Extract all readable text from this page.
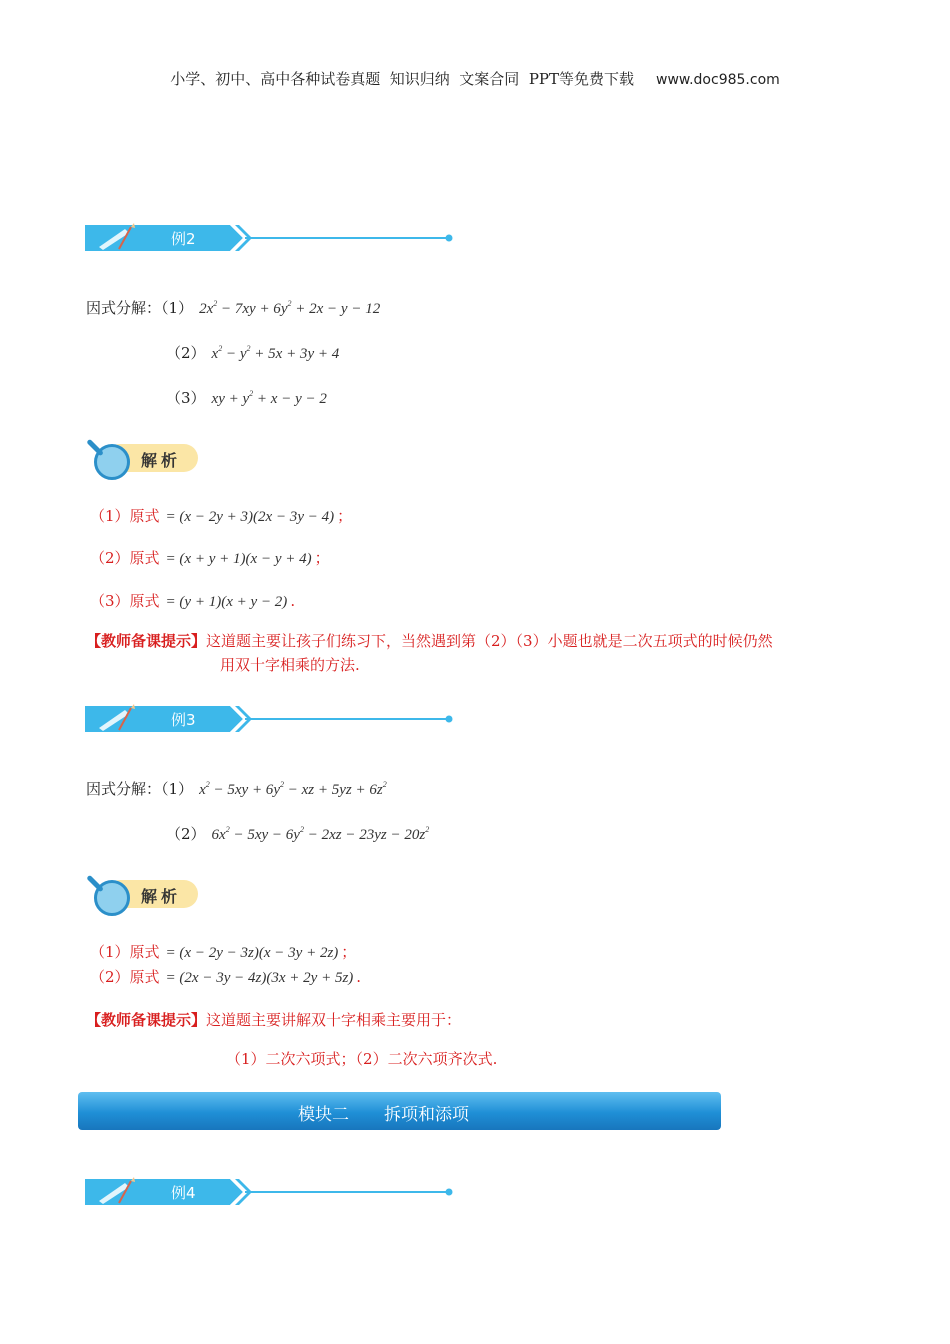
小学、初中、高中各种试卷真题  知识归纳  文案合同  PPT等免费下载 www.doc985.com
例2
因式分解：（1） $2x^2 - 7xy + 6y^2 + 2x - y - 12$
（2） $x^2 - y^2 + 5x + 3y + 4$
（3） xy + $y^2 + x - y - 2$
解析
（1）原式 = (x − 2y + 3)(2x − 3y − 4) ；
（2）原式 = (x + y + 1)(x − y + 4) ；
（3）原式 = (y + 1)(x + y − 2) .
【教师备课提示】这道题主要让孩子们练习下，当然遇到第（2）（3）小题也就是二次五项式的时候仍然
用双十字相乘的方法.
例3
因式分解：（1） $x^2 - 5xy + 6y^2$ − xz + $5yz + 6z^2$
（2） $6x^2 - 5xy - 6y^2 - 2xz - 23yz - 20z^2$
解析
（1）原式 = (x − 2y − 3z)(x − 3y + 2z) ；
（2）原式 = (2x − 3y − 4z)(3x + 2y + 5z) .
【教师备课提示】这道题主要讲解双十字相乘主要用于：
（1）二次六项式；（2）二次六项齐次式.
模块二 拆项和添项
例4
